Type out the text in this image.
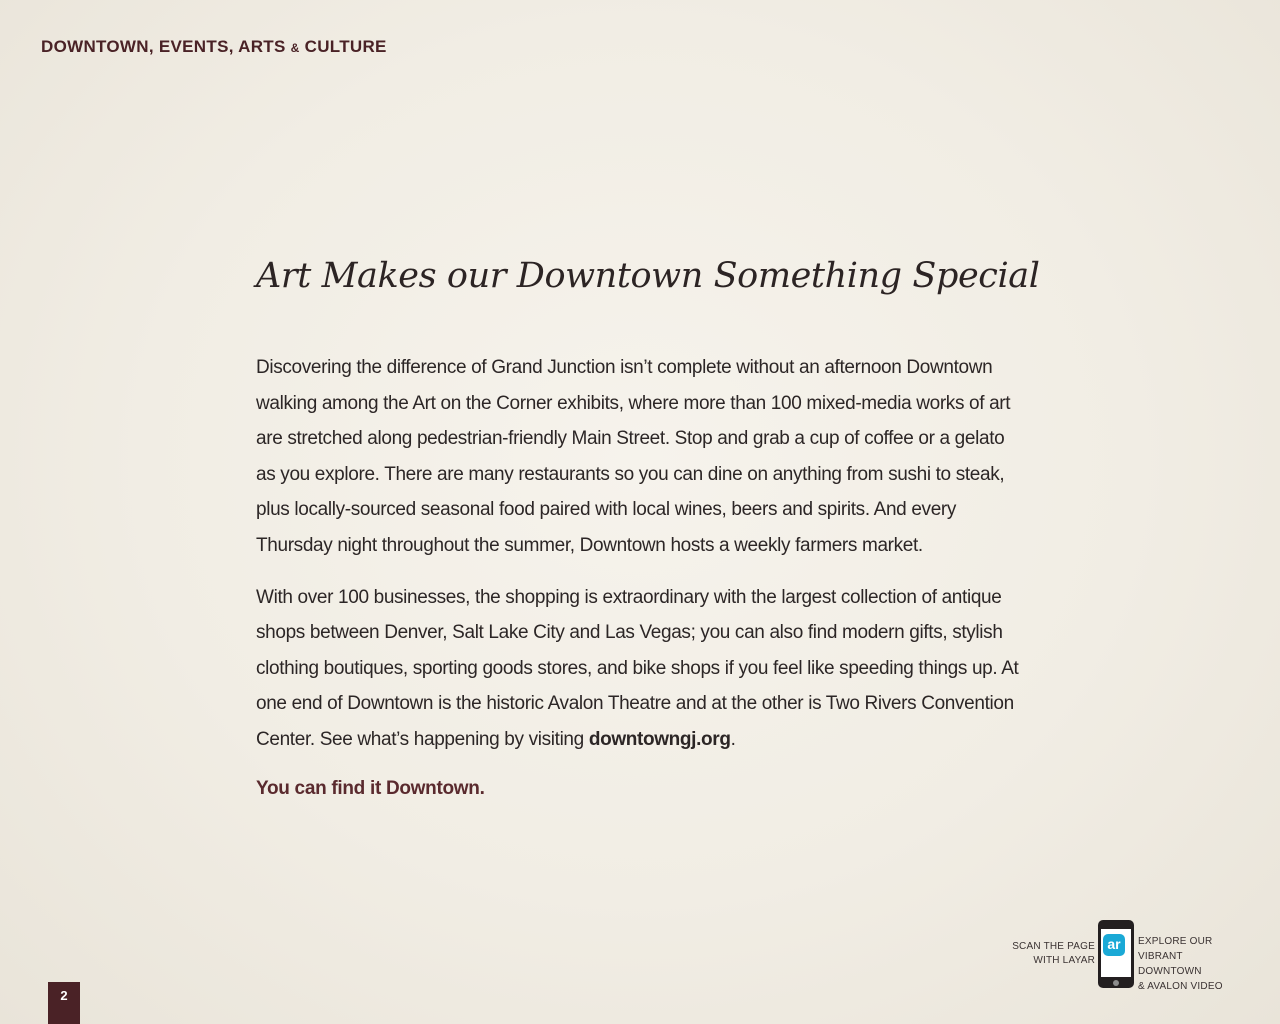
DOWNTOWN, EVENTS, ARTS & CULTURE
Art Makes our Downtown Something Special

Discovering the difference of Grand Junction isn’t complete without an afternoon Downtown walking among the Art on the Corner exhibits, where more than 100 mixed-media works of art are stretched along pedestrian-friendly Main Street. Stop and grab a cup of coffee or a gelato as you explore. There are many restaurants so you can dine on anything from sushi to steak, plus locally-sourced seasonal food paired with local wines, beers and spirits. And every Thursday night throughout the summer, Downtown hosts a weekly farmers market.

With over 100 businesses, the shopping is extraordinary with the largest collection of antique shops between Denver, Salt Lake City and Las Vegas; you can also find modern gifts, stylish clothing boutiques, sporting goods stores, and bike shops if you feel like speeding things up. At one end of Downtown is the historic Avalon Theatre and at the other is Two Rivers Convention Center. See what’s happening by visiting downtowngj.org.

You can find it Downtown.

SCAN THE PAGE
WITH LAYAR
ar	EXPLORE OUR
VIBRANT DOWNTOWN
& AVALON VIDEO
2
